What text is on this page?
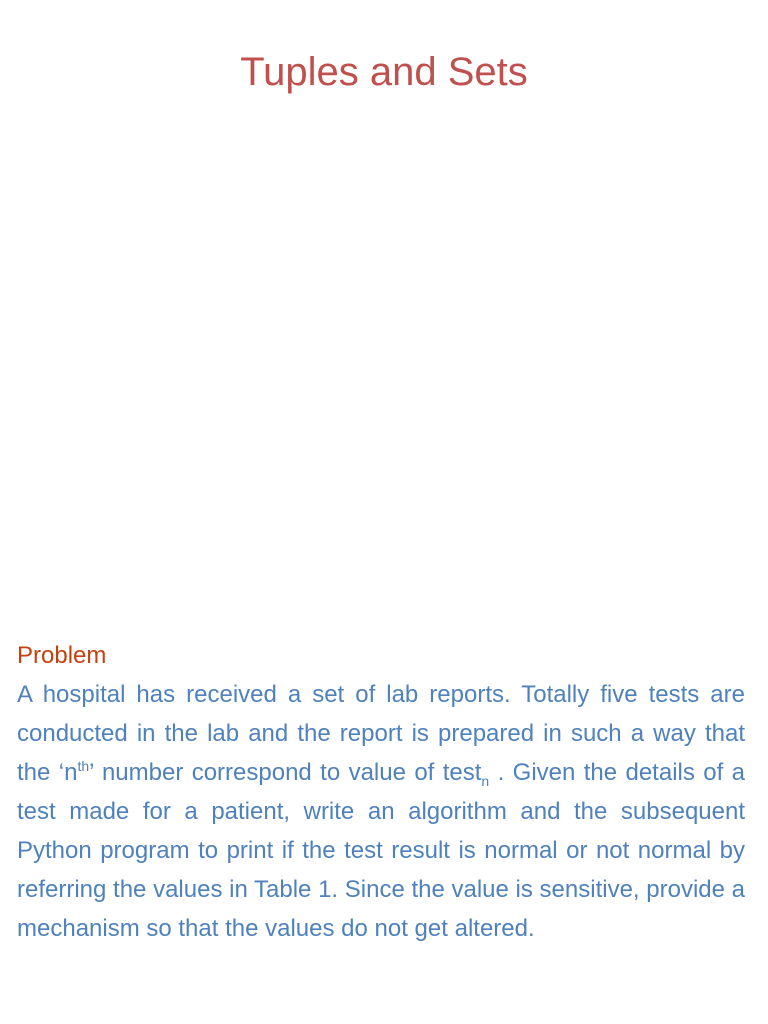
Tuples and Sets

Problem

A hospital has received a set of lab reports. Totally five tests are conducted in the lab and the report is prepared in such a way that the ‘$n^{th}$’ number correspond to value of test$_n$ . Given the details of a test made for a patient, write an algorithm and the subsequent Python program to print if the test result is normal or not normal by referring the values in Table 1. Since the value is sensitive, provide a mechanism so that the values do not get altered.
